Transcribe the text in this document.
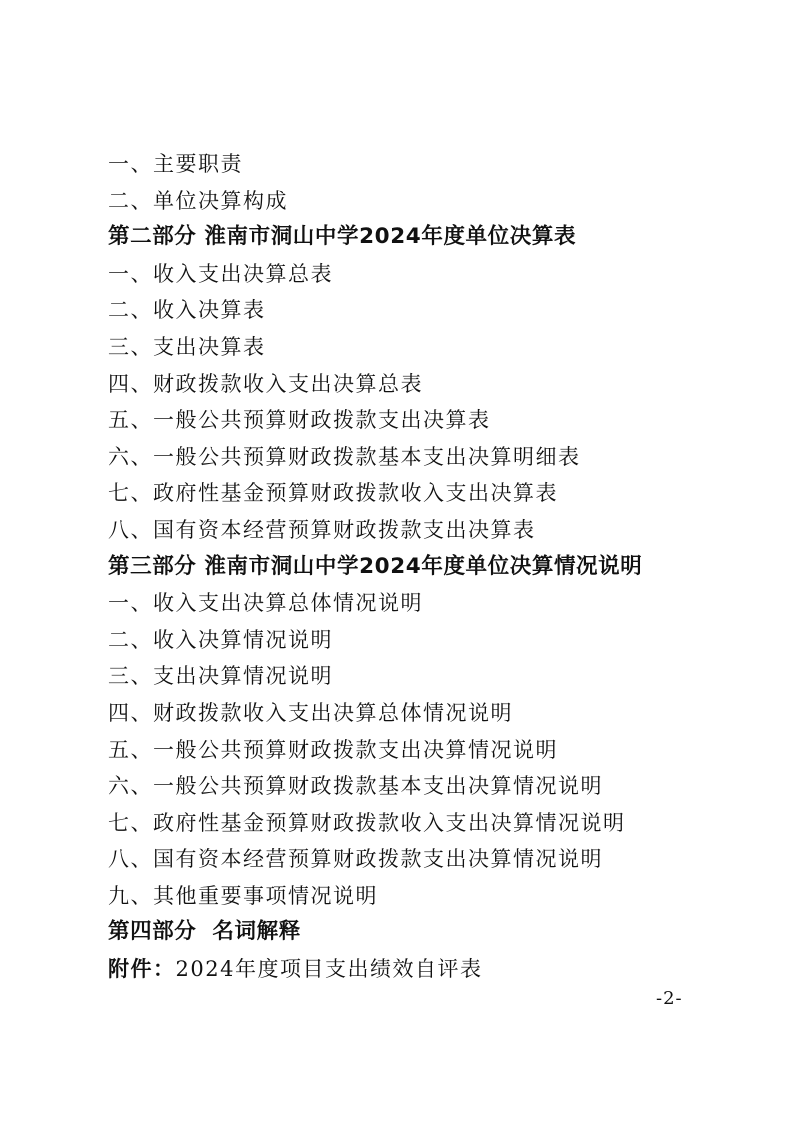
一、主要职责
二、单位决算构成
第二部分 淮南市洞山中学2024年度单位决算表
一、收入支出决算总表
二、收入决算表
三、支出决算表
四、财政拨款收入支出决算总表
五、一般公共预算财政拨款支出决算表
六、一般公共预算财政拨款基本支出决算明细表
七、政府性基金预算财政拨款收入支出决算表
八、国有资本经营预算财政拨款支出决算表
第三部分 淮南市洞山中学2024年度单位决算情况说明
一、收入支出决算总体情况说明
二、收入决算情况说明
三、支出决算情况说明
四、财政拨款收入支出决算总体情况说明
五、一般公共预算财政拨款支出决算情况说明
六、一般公共预算财政拨款基本支出决算情况说明
七、政府性基金预算财政拨款收入支出决算情况说明
八、国有资本经营预算财政拨款支出决算情况说明
九、其他重要事项情况说明
第四部分 名词解释
附件：2024年度项目支出绩效自评表
-2-
